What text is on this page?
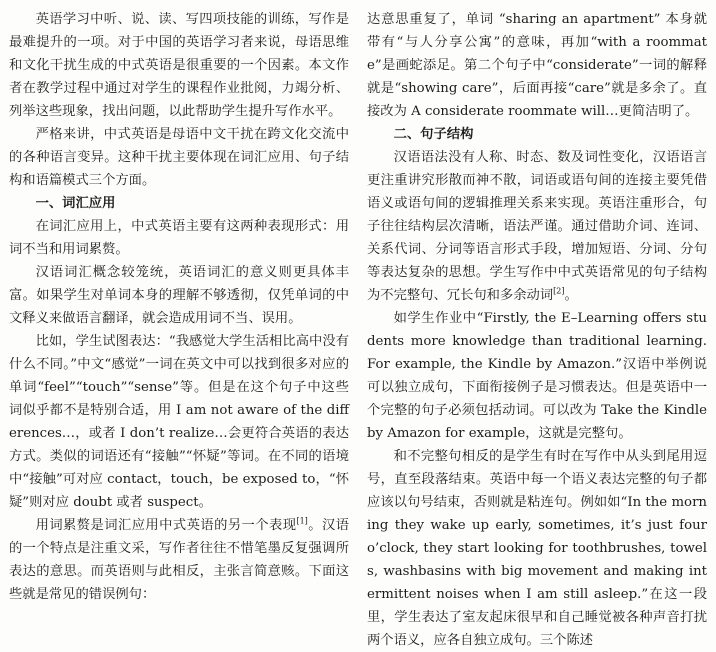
英语学习中听、说、读、写四项技能的训练，写作是最难提升的一项。对于中国的英语学习者来说，母语思维和文化干扰生成的中式英语是很重要的一个因素。本文作者在教学过程中通过对学生的课程作业批阅，力竭分析、列举这些现象，找出问题，以此帮助学生提升写作水平。

严格来讲，中式英语是母语中文干扰在跨文化交流中的各种语言变异。这种干扰主要体现在词汇应用、句子结构和语篇模式三个方面。

一、词汇应用

在词汇应用上，中式英语主要有这两种表现形式：用词不当和用词累赘。

汉语词汇概念较笼统，英语词汇的意义则更具体丰富。如果学生对单词本身的理解不够透彻，仅凭单词的中文释义来做语言翻译，就会造成用词不当、误用。

比如，学生试图表达：“我感觉大学生活相比高中没有什么不同。”中文“感觉”一词在英文中可以找到很多对应的单词“feel”“touch”“sense”等。但是在这个句子中这些词似乎都不是特别合适，用 I am not aware of the differences…，或者 I don’t realize…会更符合英语的表达方式。类似的词语还有“接触”“怀疑”等词。在不同的语境中“接触”可对应 contact，touch，be exposed to，“怀疑”则对应 doubt 或者 suspect。

用词累赘是词汇应用中式英语的另一个表现[1]。汉语的一个特点是注重文采，写作者往往不惜笔墨反复强调所表达的意思。而英语则与此相反，主张言简意赅。下面这些就是常见的错误例句：

达意思重复了，单词 “sharing an apartment” 本身就带有“与人分享公寓”的意味，再加“with a roommate”是画蛇添足。第二个句子中“considerate”一词的解释就是“showing care”，后面再接“care”就是多余了。直接改为 A considerate roommate will…更简洁明了。

二、句子结构

汉语语法没有人称、时态、数及词性变化，汉语语言更注重讲究形散而神不散，词语或语句间的连接主要凭借语义或语句间的逻辑推理关系来实现。英语注重形合，句子往往结构层次清晰，语法严谨。通过借助介词、连词、关系代词、分词等语言形式手段，增加短语、分词、分句等表达复杂的思想。学生写作中中式英语常见的句子结构为不完整句、冗长句和多余动词[2]。

如学生作业中“Firstly, the E–Learning offers students more knowledge than traditional learning. For example, the Kindle by Amazon.”汉语中举例说可以独立成句，下面衔接例子是习惯表达。但是英语中一个完整的句子必须包括动词。可以改为 Take the Kindle by Amazon for example，这就是完整句。

和不完整句相反的是学生有时在写作中从头到尾用逗号，直至段落结束。英语中每一个语义表达完整的句子都应该以句号结束，否则就是粘连句。例如如“In the morning they wake up early, sometimes, it’s just four o’clock, they start looking for toothbrushes, towels, washbasins with big movement and making intermittent noises when I am still asleep.”在这一段里，学生表达了室友起床很早和自己睡觉被各种声音打扰两个语义，应各自独立成句。三个陈述
